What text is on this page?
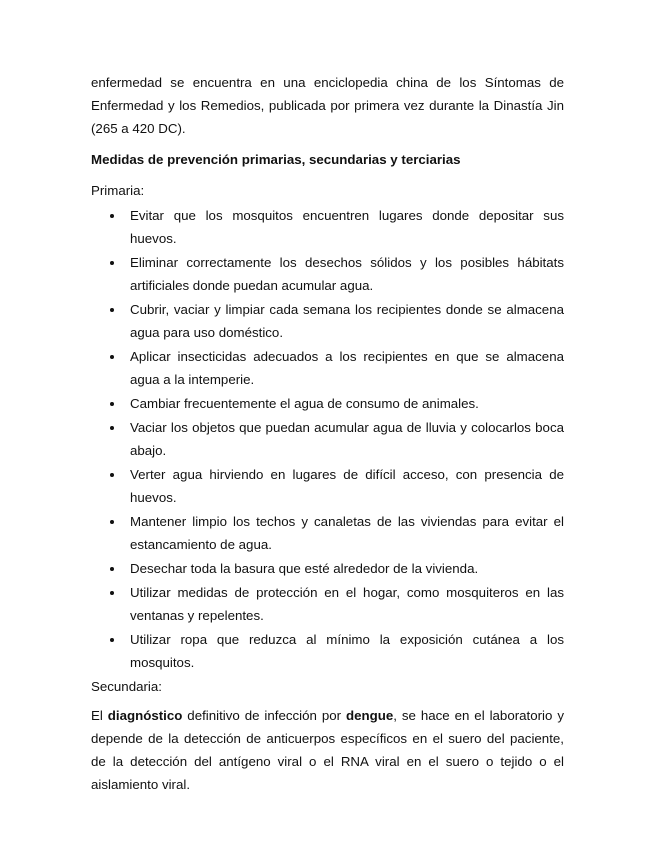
enfermedad se encuentra en una enciclopedia china de los Síntomas de Enfermedad y los Remedios, publicada por primera vez durante la Dinastía Jin (265 a 420 DC).

Medidas de prevención primarias, secundarias y terciarias

Primaria:

Evitar que los mosquitos encuentren lugares donde depositar sus huevos.
Eliminar correctamente los desechos sólidos y los posibles hábitats artificiales donde puedan acumular agua.
Cubrir, vaciar y limpiar cada semana los recipientes donde se almacena agua para uso doméstico.
Aplicar insecticidas adecuados a los recipientes en que se almacena agua a la intemperie.
Cambiar frecuentemente el agua de consumo de animales.
Vaciar los objetos que puedan acumular agua de lluvia y colocarlos boca abajo.
Verter agua hirviendo en lugares de difícil acceso, con presencia de huevos.
Mantener limpio los techos y canaletas de las viviendas para evitar el estancamiento de agua.
Desechar toda la basura que esté alrededor de la vivienda.
Utilizar medidas de protección en el hogar, como mosquiteros en las ventanas y repelentes.
Utilizar ropa que reduzca al mínimo la exposición cutánea a los mosquitos.

Secundaria:

El diagnóstico definitivo de infección por dengue, se hace en el laboratorio y depende de la detección de anticuerpos específicos en el suero del paciente, de la detección del antígeno viral o el RNA viral en el suero o tejido o el aislamiento viral.
